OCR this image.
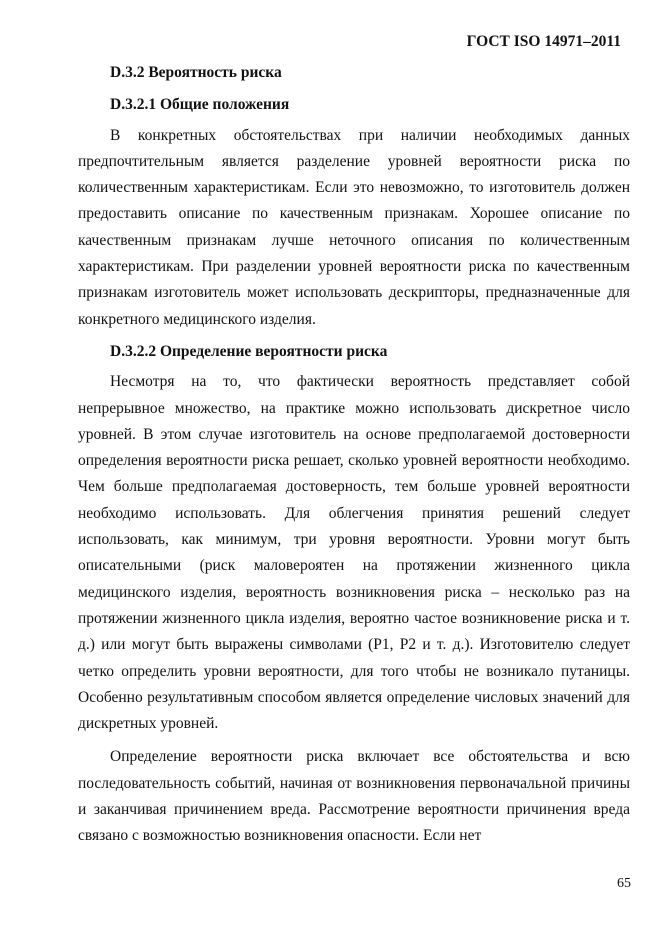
ГОСТ ISO 14971–2011

D.3.2 Вероятность риска

D.3.2.1 Общие положения

В конкретных обстоятельствах при наличии необходимых данных предпочтительным является разделение уровней вероятности риска по количественным характеристикам. Если это невозможно, то изготовитель должен предоставить описание по качественным признакам. Хорошее описание по качественным признакам лучше неточного описания по количественным характеристикам. При разделении уровней вероятности риска по качественным признакам изготовитель может использовать дескрипторы, предназначенные для конкретного медицинского изделия.

D.3.2.2 Определение вероятности риска

Несмотря на то, что фактически вероятность представляет собой непрерывное множество, на практике можно использовать дискретное число уровней. В этом случае изготовитель на основе предполагаемой достоверности определения вероятности риска решает, сколько уровней вероятности необходимо. Чем больше предполагаемая достоверность, тем больше уровней вероятности необходимо использовать. Для облегчения принятия решений следует использовать, как минимум, три уровня вероятности. Уровни могут быть описательными (риск маловероятен на протяжении жизненного цикла медицинского изделия, вероятность возникновения риска – несколько раз на протяжении жизненного цикла изделия, вероятно частое возникновение риска и т. д.) или могут быть выражены символами (P1, P2 и т. д.). Изготовителю следует четко определить уровни вероятности, для того чтобы не возникало путаницы. Особенно результативным способом является определение числовых значений для дискретных уровней.

Определение вероятности риска включает все обстоятельства и всю последовательность событий, начиная от возникновения первоначальной причины и заканчивая причинением вреда. Рассмотрение вероятности причинения вреда связано с возможностью возникновения опасности. Если нет

65
